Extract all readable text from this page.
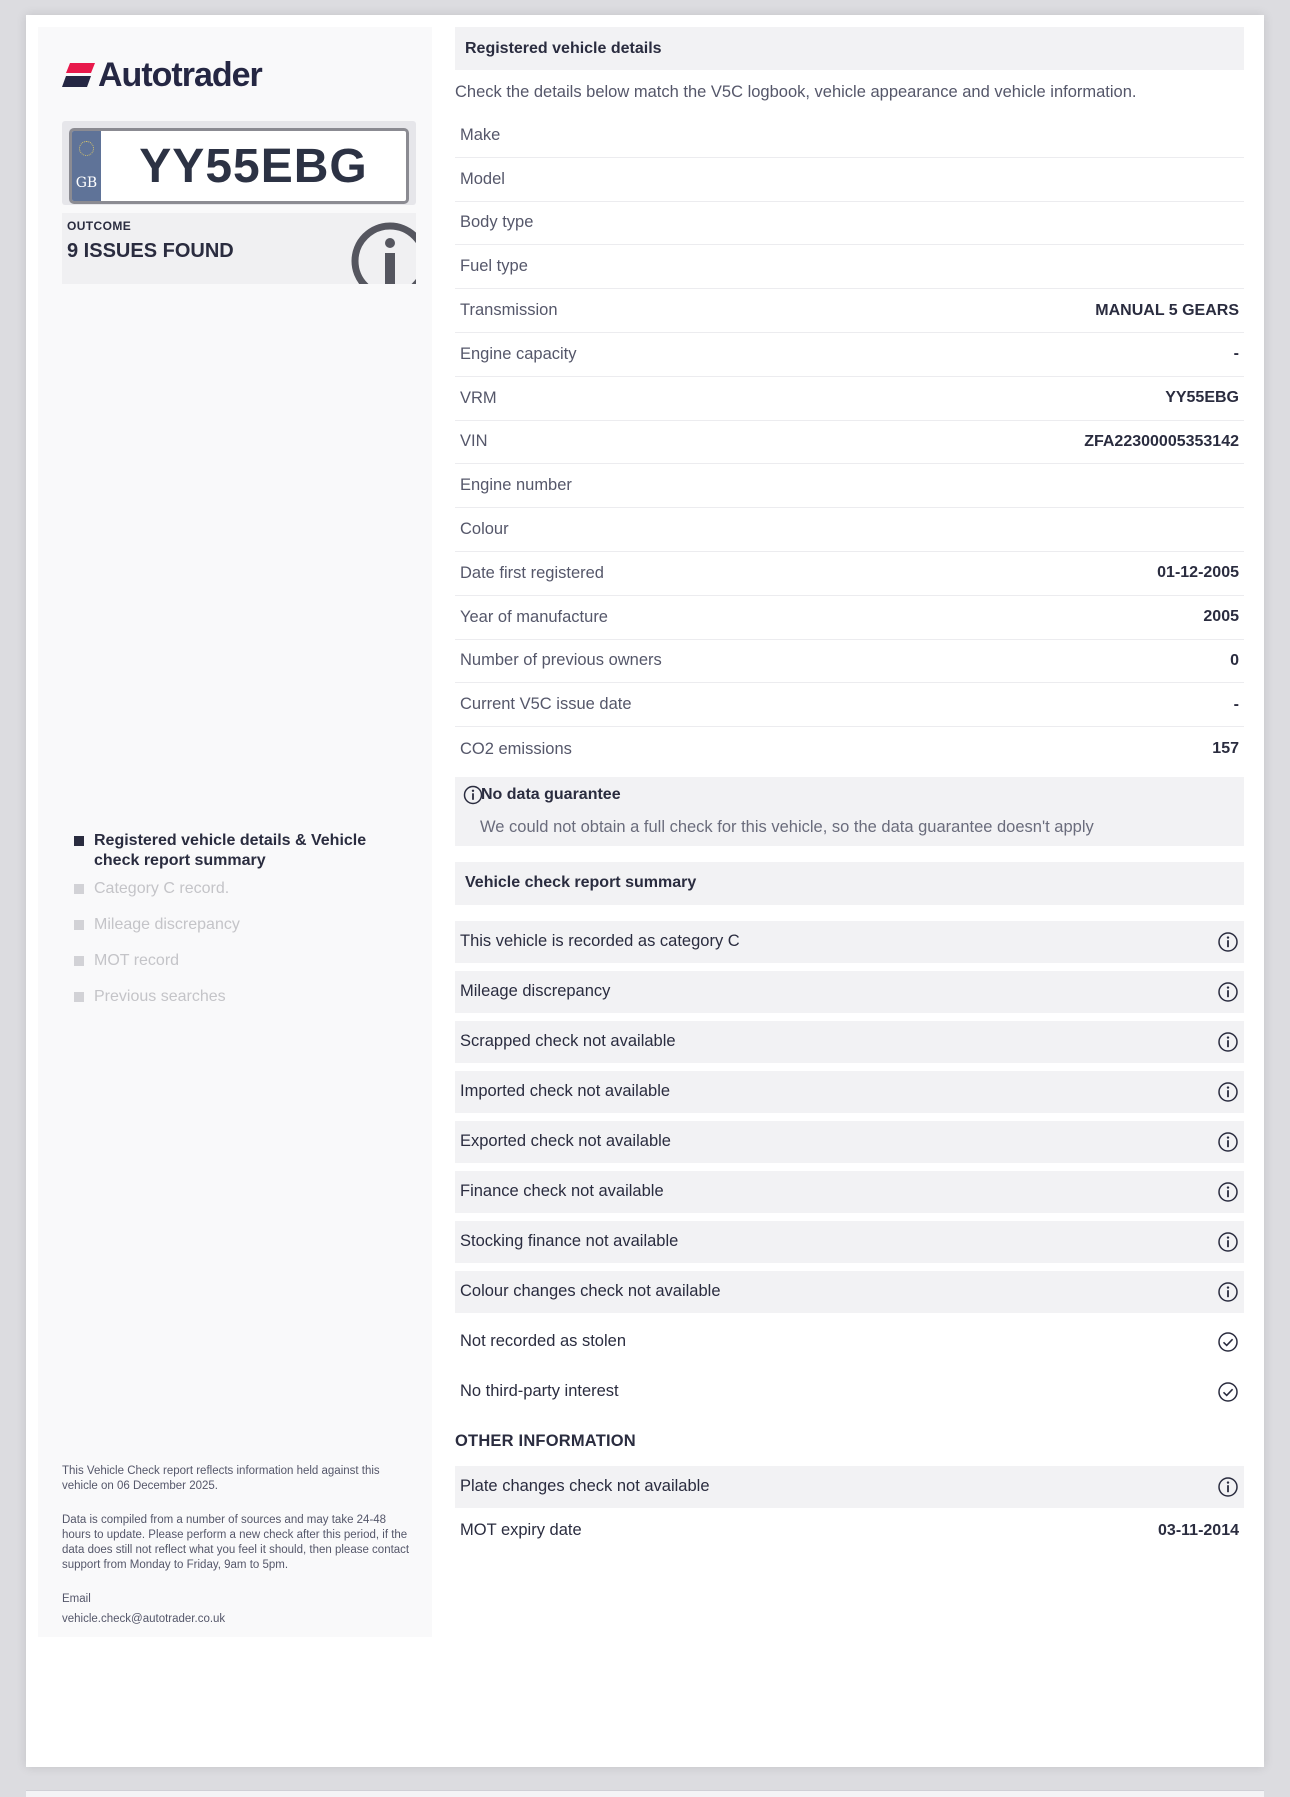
Autotrader
GB YY55EBG
OUTCOME
9 ISSUES FOUND
Registered vehicle details & Vehicle check report summary
Category C record.
Mileage discrepancy
MOT record
Previous searches

This Vehicle Check report reflects information held against this vehicle on 06 December 2025.

Data is compiled from a number of sources and may take 24-48 hours to update. Please perform a new check after this period, if the data does still not reflect what you feel it should, then please contact support from Monday to Friday, 9am to 5pm.

Email

vehicle.check@autotrader.co.uk

Registered vehicle details
Check the details below match the V5C logbook, vehicle appearance and vehicle information.
Make
Model
Body type
Fuel type
Transmission	MANUAL 5 GEARS
Engine capacity	-
VRM	YY55EBG
VIN	ZFA22300005353142
Engine number
Colour
Date first registered	01-12-2005
Year of manufacture	2005
Number of previous owners	0
Current V5C issue date	-
CO2 emissions	157
No data guarantee
We could not obtain a full check for this vehicle, so the data guarantee doesn't apply
Vehicle check report summary
This vehicle is recorded as category C
Mileage discrepancy
Scrapped check not available
Imported check not available
Exported check not available
Finance check not available
Stocking finance not available
Colour changes check not available
Not recorded as stolen
No third-party interest
OTHER INFORMATION
Plate changes check not available
MOT expiry date	03-11-2014
